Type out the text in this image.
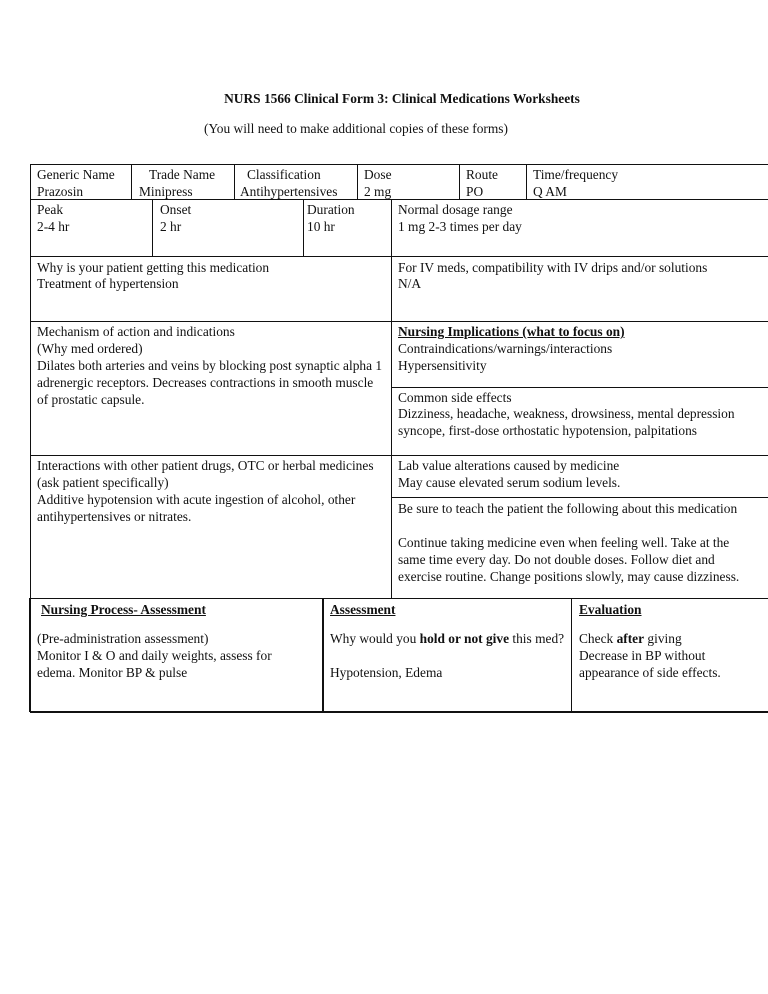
NURS 1566 Clinical Form 3: Clinical Medications Worksheets
(You will need to make additional copies of these forms)
Generic Name
Prazosin
Trade Name
Minipress
Classification
Antihypertensives
Dose
2 mg
Route
PO
Time/frequency
Q AM
Peak
2-4 hr
Onset
2 hr
Duration
10 hr
Normal dosage range
1 mg 2-3 times per day
Why is your patient getting this medication
Treatment of hypertension
For IV meds, compatibility with IV drips and/or solutions
N/A
Mechanism of action and indications
(Why med ordered)
Dilates both arteries and veins by blocking post synaptic alpha 1 adrenergic receptors. Decreases contractions in smooth muscle of prostatic capsule.
Nursing Implications (what to focus on)
Contraindications/warnings/interactions
Hypersensitivity
Common side effects
Dizziness, headache, weakness, drowsiness, mental depression syncope, first-dose orthostatic hypotension, palpitations
Interactions with other patient drugs, OTC or herbal medicines (ask patient specifically)
Additive hypotension with acute ingestion of alcohol, other antihypertensives or nitrates.
Lab value alterations caused by medicine
May cause elevated serum sodium levels.
Be sure to teach the patient the following about this medication
Continue taking medicine even when feeling well. Take at the same time every day. Do not double doses. Follow diet and exercise routine. Change positions slowly, may cause dizziness.
Nursing Process- Assessment
(Pre-administration assessment)
Monitor I & O and daily weights, assess for edema. Monitor BP & pulse
Assessment
Why would you hold or not give this med?
Hypotension, Edema
Evaluation
Check after giving
Decrease in BP without appearance of side effects.
